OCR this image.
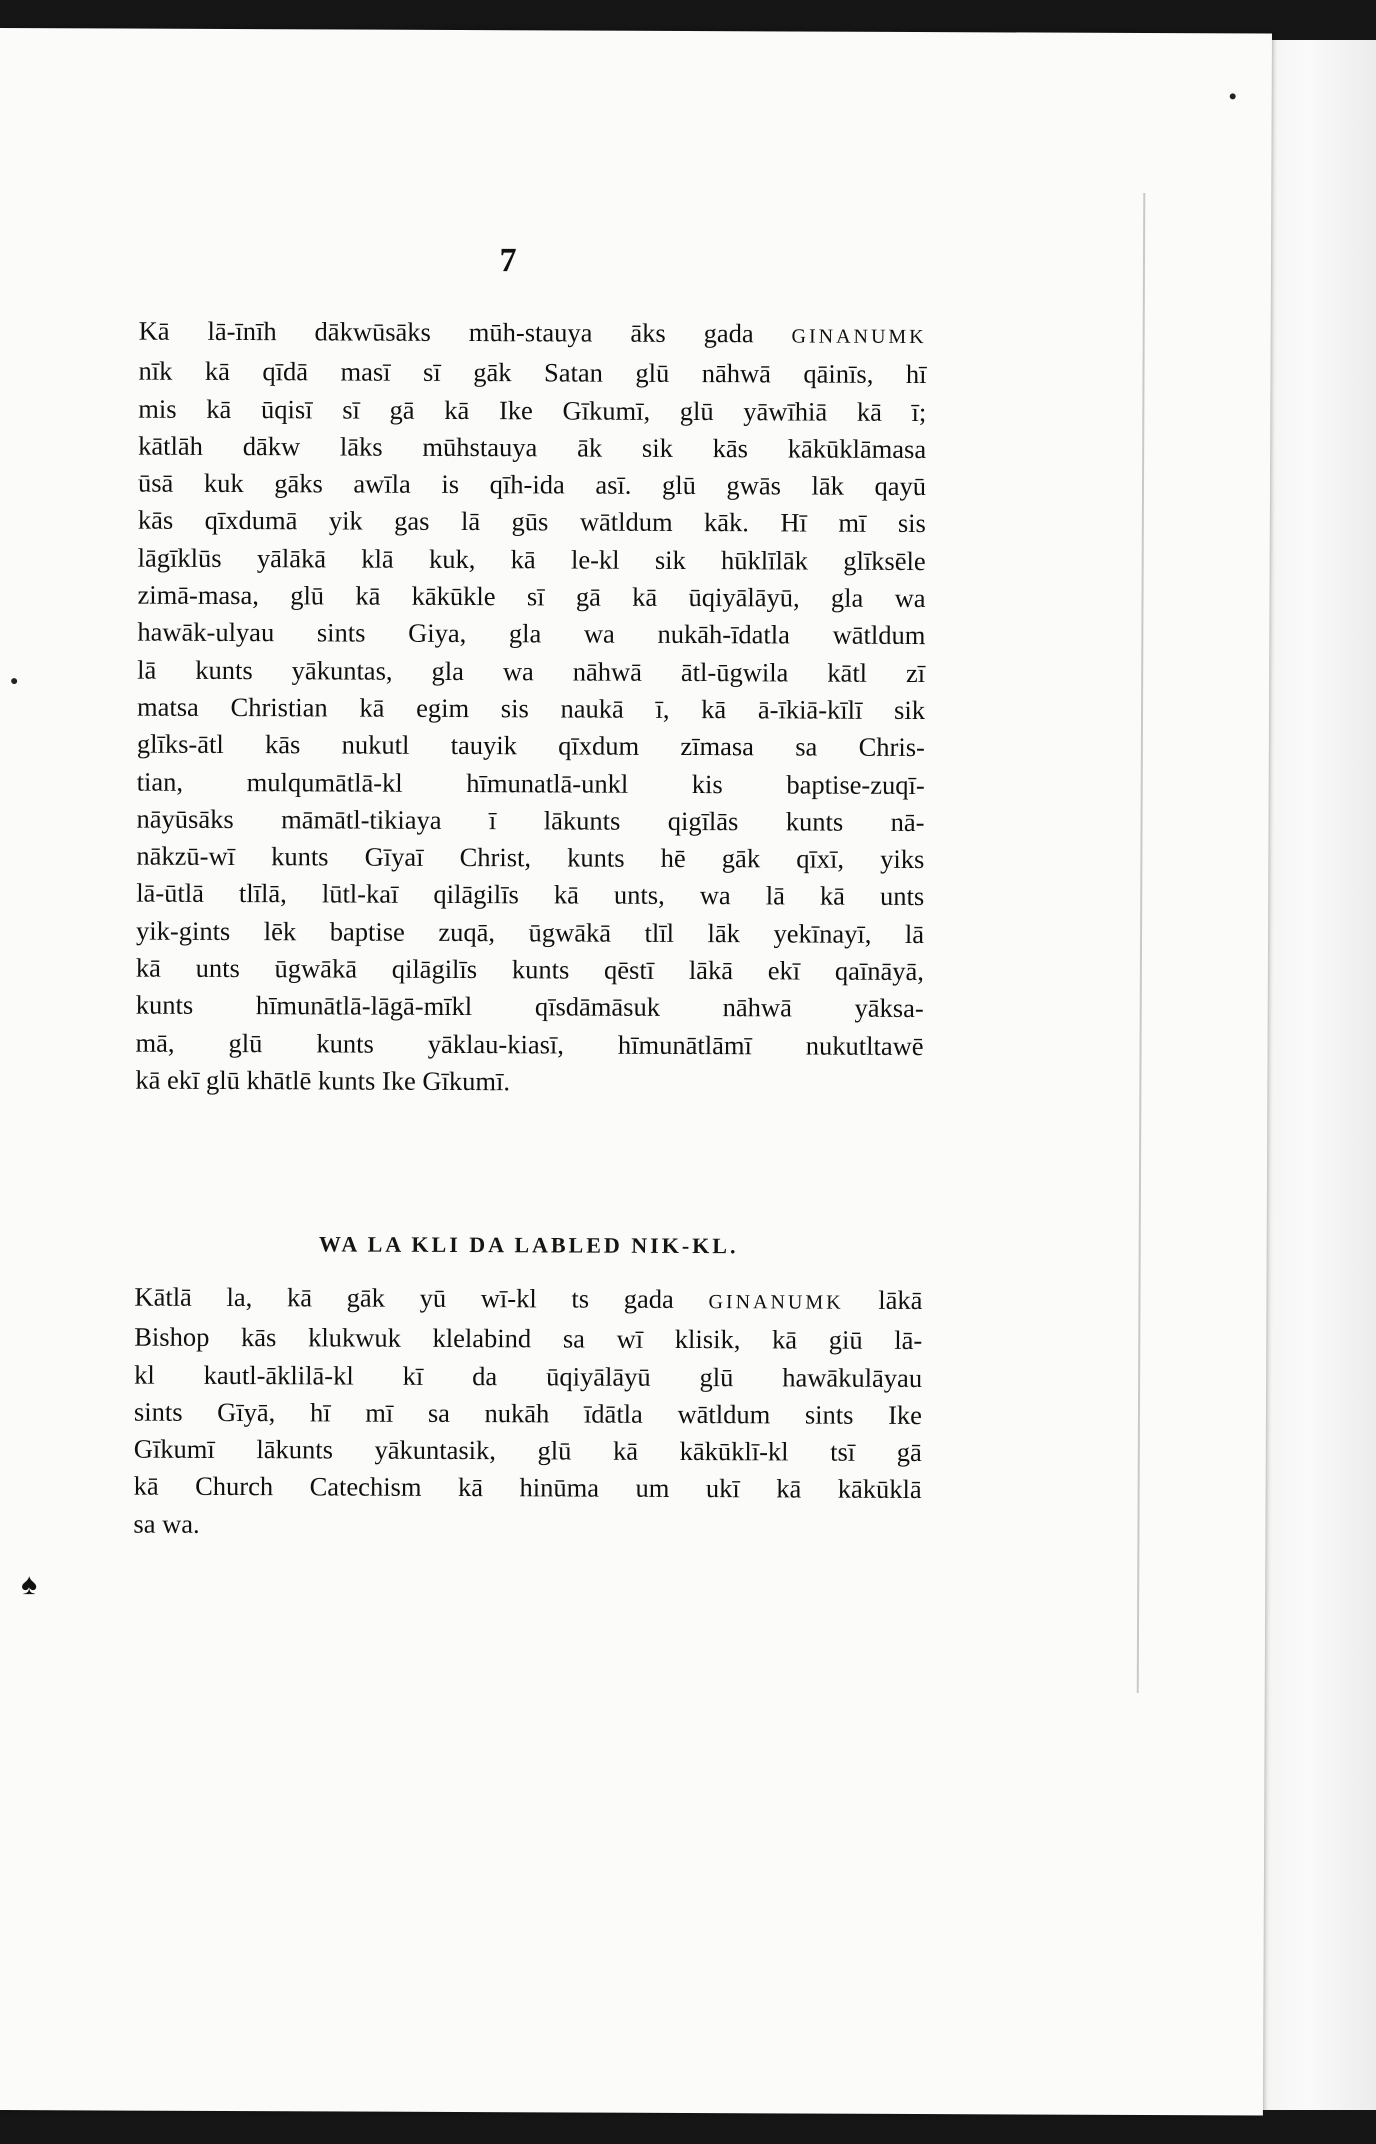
7
Kā lā-īnīh dākwūsāks mūh-stauya āks gada GINANUMK
nīk kā qīdā masī sī gāk Satan glū nāhwā qāinīs, hī
mis kā ūqisī sī gā kā Ike Gīkumī, glū yāwīhiā kā ī;
kātlāh dākw lāks mūhstauya āk sik kās kākūklāmasa
ūsā kuk gāks awīla is qīh-ida asī. glū gwās lāk qayū
kās qīxdumā yik gas lā gūs wātldum kāk. Hī mī sis
lāgīklūs yālākā klā kuk, kā le-kl sik hūklīlāk glīksēle
zimā-masa, glū kā kākūkle sī gā kā ūqiyālāyū, gla wa
hawāk-ulyau sints Giya, gla wa nukāh-īdatla wātldum
lā kunts yākuntas, gla wa nāhwā ātl-ūgwila kātl zī
matsa Christian kā egim sis naukā ī, kā ā-īkiā-kīlī sik
glīks-ātl kās nukutl tauyik qīxdum zīmasa sa Chris-
tian, mulqumātlā-kl hīmunatlā-unkl kis baptise-zuqī-
nāyūsāks māmātl-tikiaya ī lākunts qigīlās kunts nā-
nākzū-wī kunts Gīyaī Christ, kunts hē gāk qīxī, yiks
lā-ūtlā tlīlā, lūtl-kaī qilāgilīs kā unts, wa lā kā unts
yik-gints lēk baptise zuqā, ūgwākā tlīl lāk yekīnayī, lā
kā unts ūgwākā qilāgilīs kunts qēstī lākā ekī qaīnāyā,
kunts hīmunātlā-lāgā-mīkl qīsdāmāsuk nāhwā yāksa-
mā, glū kunts yāklau-kiasī, hīmunātlāmī nukutltawē
kā ekī glū khātlē kunts Ike Gīkumī.
WA LA KLI DA LABLED NIK-KL.
Kātlā la, kā gāk yū wī-kl ts gada GINANUMK lākā
Bishop kās klukwuk klelabind sa wī klisik, kā giū lā-
kl kautl-āklilā-kl kī da ūqiyālāyū glū hawākulāyau
sints Gīyā, hī mī sa nukāh īdātla wātldum sints Ike
Gīkumī lākunts yākuntasik, glū kā kākūklī-kl tsī gā
kā Church Catechism kā hinūma um ukī kā kākūklā
sa wa.
♠
